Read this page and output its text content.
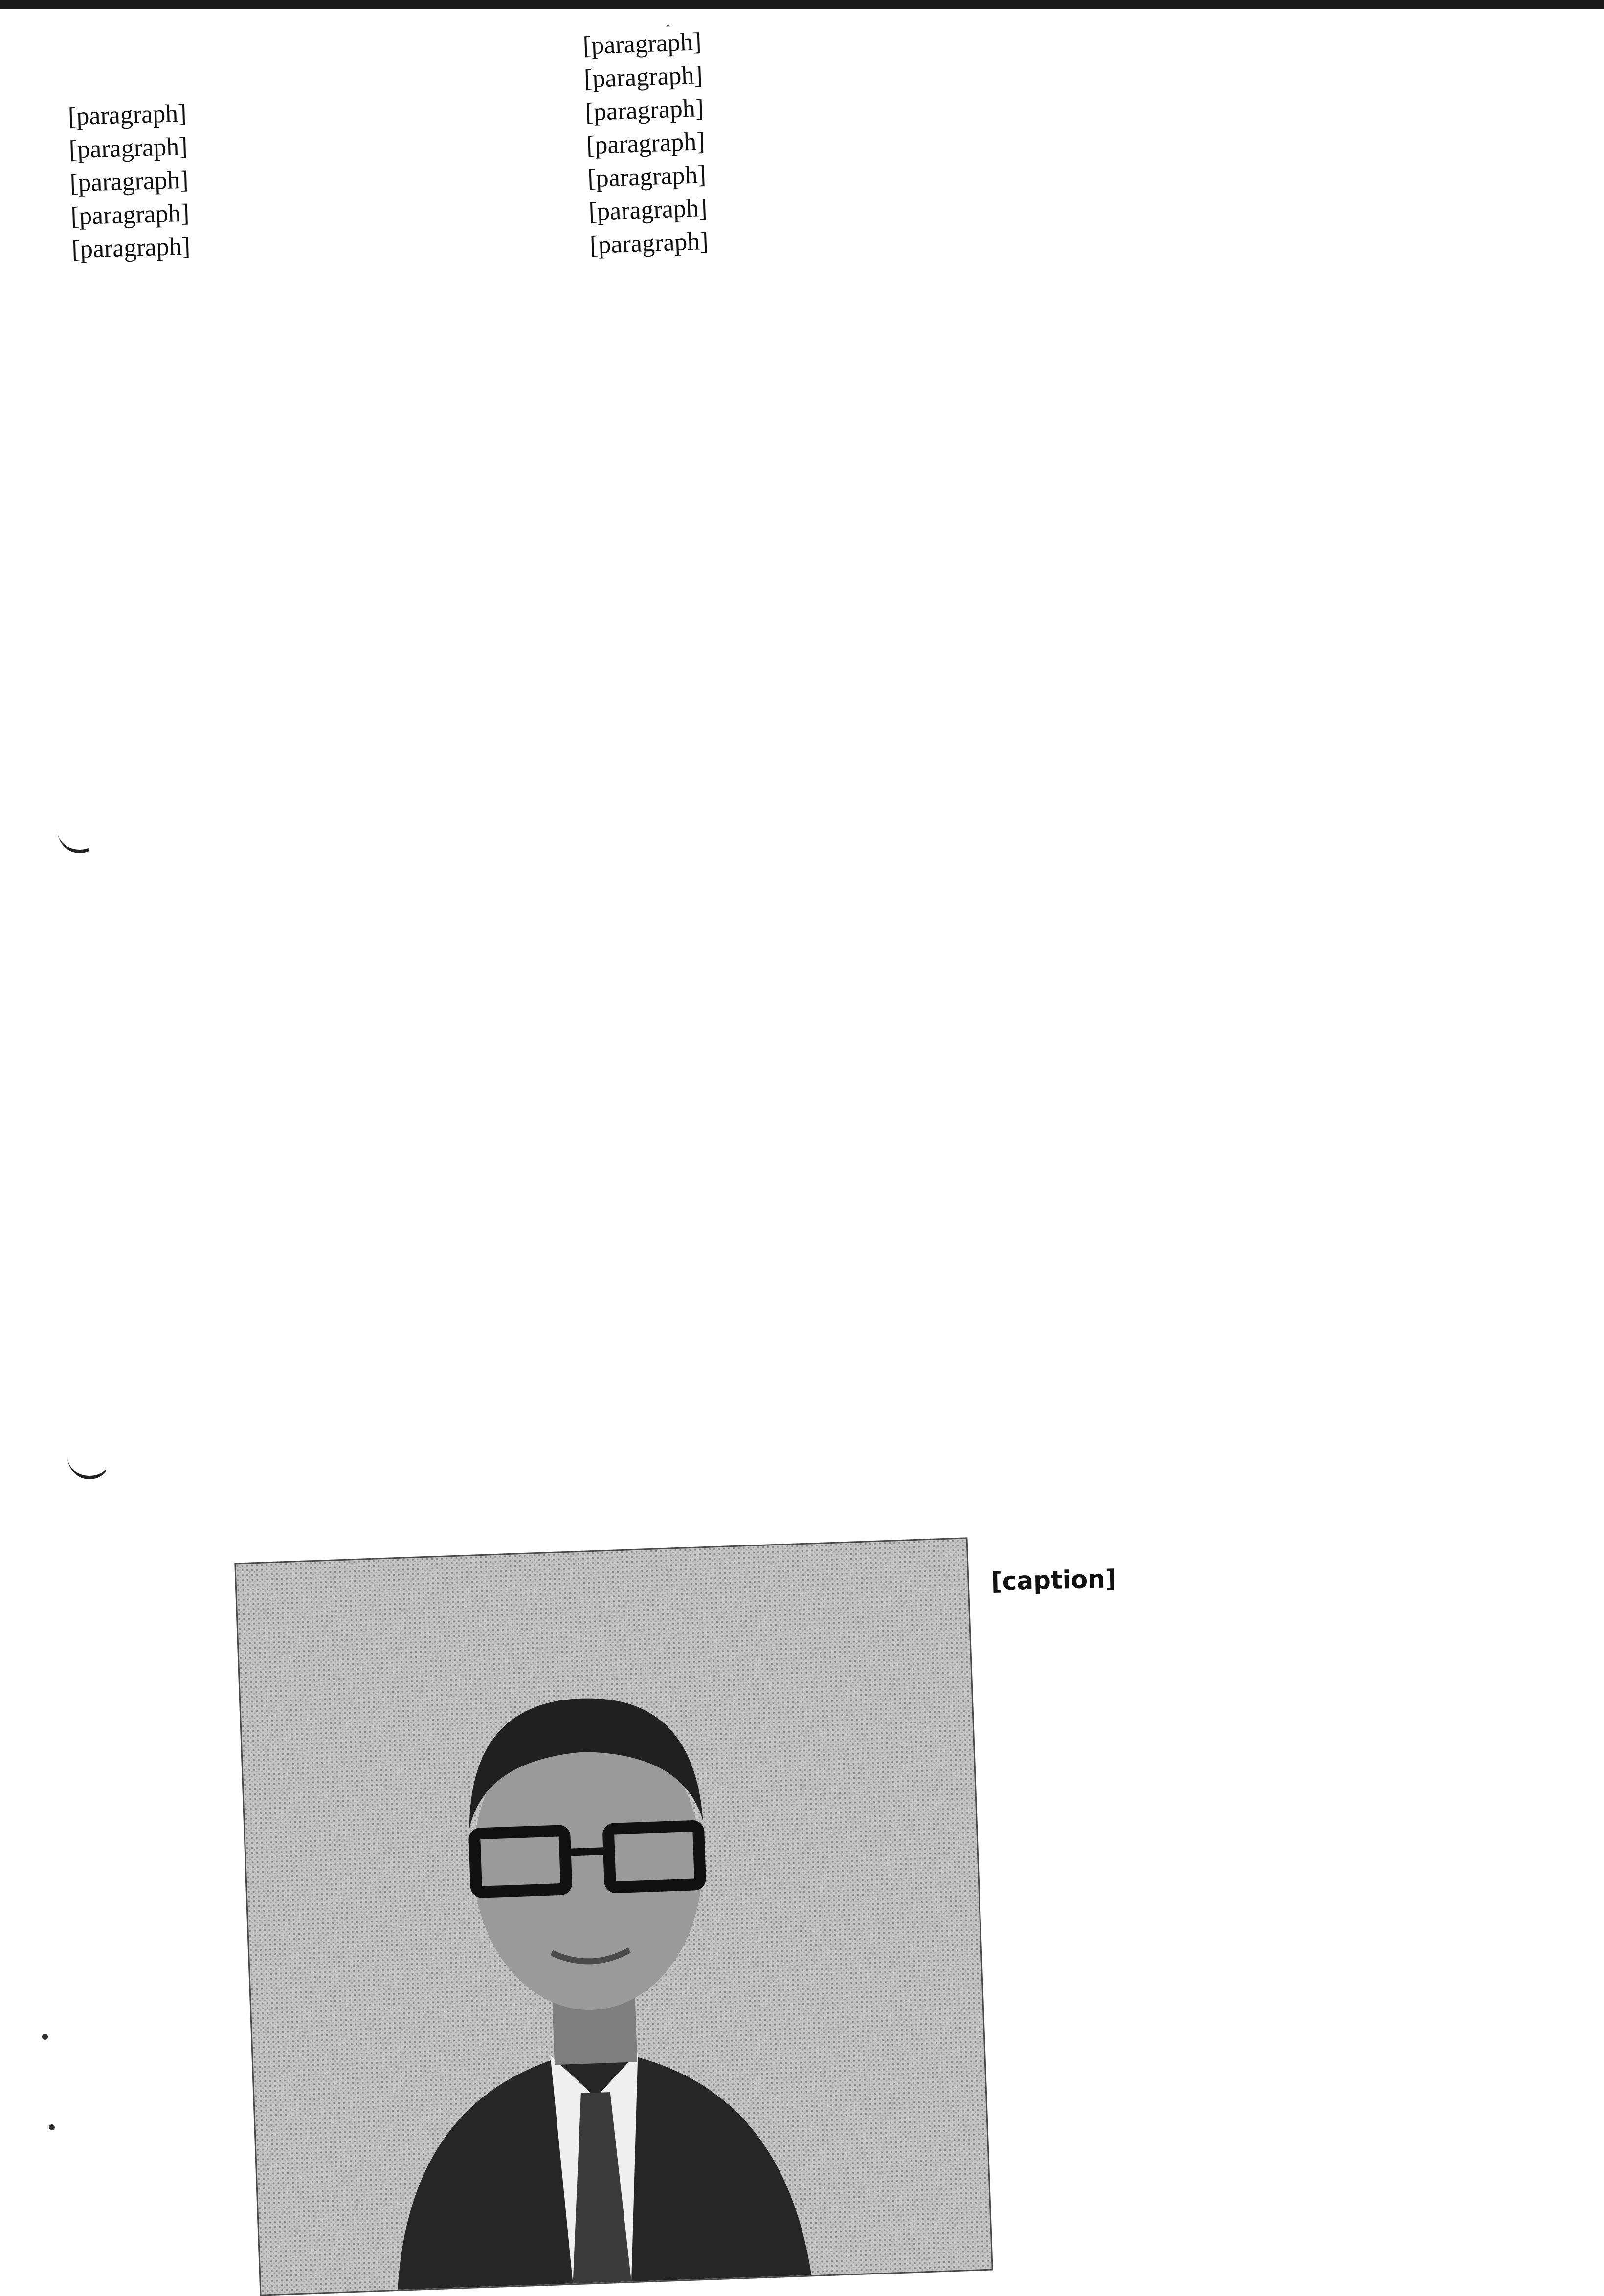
[paragraph]
[paragraph]
[paragraph]
[paragraph]
[paragraph]
[paragraph]
[paragraph]
[paragraph]
[paragraph]
[paragraph]
[paragraph]
[paragraph]
[caption]
